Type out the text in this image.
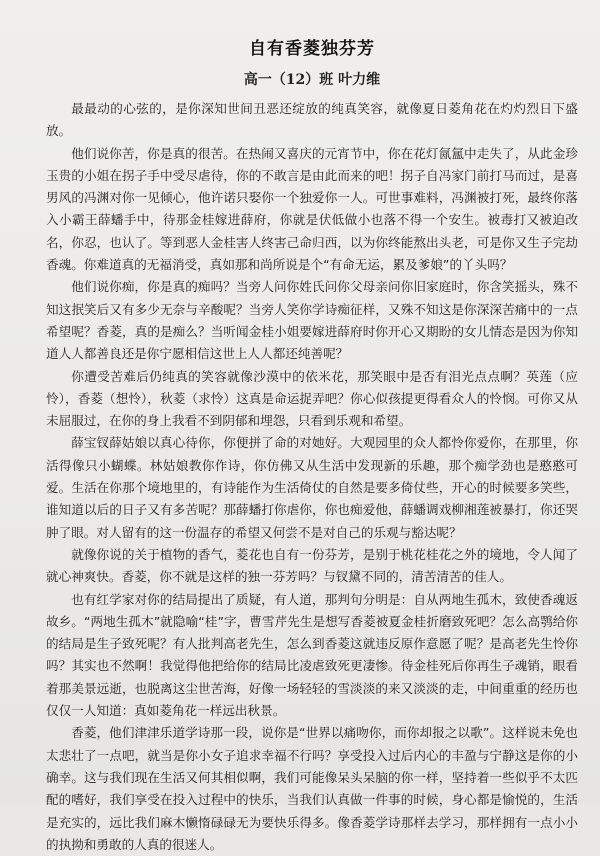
自有香菱独芬芳
高一（12）班 叶力维

最最动的心弦的，是你深知世间丑恶还绽放的纯真笑容，就像夏日菱角花在灼灼烈日下盛放。

他们说你苦，你是真的很苦。在热闹又喜庆的元宵节中，你在花灯氤氲中走失了，从此金珍玉贵的小姐在拐子手中受尽虐待，你的不敢言是由此而来的吧！拐子自冯家门前打马而过，是喜男风的冯渊对你一见倾心，他许诺只娶你一个独爱你一人。可世事难料，冯渊被打死，最终你落入小霸王薛蟠手中，待那金桂嫁进薛府，你就是伏低做小也落不得一个安生。被毒打又被迫改名，你忍，也认了。等到恶人金桂害人终害己命归西，以为你终能熬出头老，可是你又生子完劫香魂。你难道真的无福消受，真如那和尚所说是个“有命无运，累及爹娘”的丫头吗？

他们说你痴，你是真的痴吗？当旁人问你姓氏问你父母亲问你旧家庭时，你含笑摇头，殊不知这抿笑后又有多少无奈与辛酸呢？当旁人笑你学诗痴征样，又殊不知这是你深深苦痛中的一点希望呢？香菱，真的是痴么？当听闻金桂小姐要嫁进薛府时你开心又期盼的女儿情态是因为你知道人人都善良还是你宁愿相信这世上人人都还纯善呢？

你遭受苦难后仍纯真的笑容就像沙漠中的依米花，那笑眼中是否有泪光点点啊？英莲（应怜），香菱（想怜），秋菱（求怜）这真是命运捉弄吧？你心似孩提更得看众人的怜悯。可你又从未屈服过，在你的身上我看不到阴郁和埋怨，只看到乐观和希望。

薛宝钗薛姑娘以真心待你，你便拼了命的对她好。大观园里的众人都怜你爱你，在那里，你活得像只小蝴蝶。林姑娘教你作诗，你仿佛又从生活中发现新的乐趣，那个痴学劲也是憨憨可爱。生活在你那个境地里的，有诗能作为生活倚仗的自然是要多倚仗些，开心的时候要多笑些，谁知道以后的日子又有多苦呢？那薛蟠打你虐你，你也痴爱他，薛蟠调戏柳湘莲被暴打，你还哭肿了眼。对人留有的这一份温存的希望又何尝不是对自己的乐观与豁达呢？

就像你说的关于植物的香气，菱花也自有一份芬芳，是别于桃花桂花之外的境地，令人闻了就心神爽快。香菱，你不就是这样的独一芬芳吗？与钗黛不同的，清苦清苦的佳人。

也有红学家对你的结局提出了质疑，有人道，那判句分明是：自从两地生孤木，致使香魂返故乡。“两地生孤木”就隐喻“桂”字，曹雪芹先生是想写香菱被夏金桂折磨致死吧？怎么高鹗给你的结局是生子致死呢？有人批判高老先生，怎么到香菱这就违反原作意愿了呢？是高老先生怜你吗？其实也不然啊！我觉得他把给你的结局比凌虐致死更凄惨。待金桂死后你再生子魂销，眼看着那美景远逝，也脱离这尘世苦海，好像一场轻轻的雪淡淡的来又淡淡的走，中间重重的经历也仅仅一人知道：真如菱角花一样远出秋景。

香菱，他们津津乐道学诗那一段，说你是“世界以痛吻你，而你却报之以歌”。这样说未免也太悲壮了一点吧，就当是你小女子追求幸福不行吗？享受投入过后内心的丰盈与宁静这是你的小确幸。这与我们现在生活又何其相似啊，我们可能像呆头呆脑的你一样，坚持着一些似乎不太匹配的嗜好，我们享受在投入过程中的快乐，当我们认真做一件事的时候，身心都是愉悦的，生活是充实的，远比我们麻木懒惰碌碌无为要快乐得多。像香菱学诗那样去学习，那样拥有一点小小的执拗和勇敢的人真的很迷人。
